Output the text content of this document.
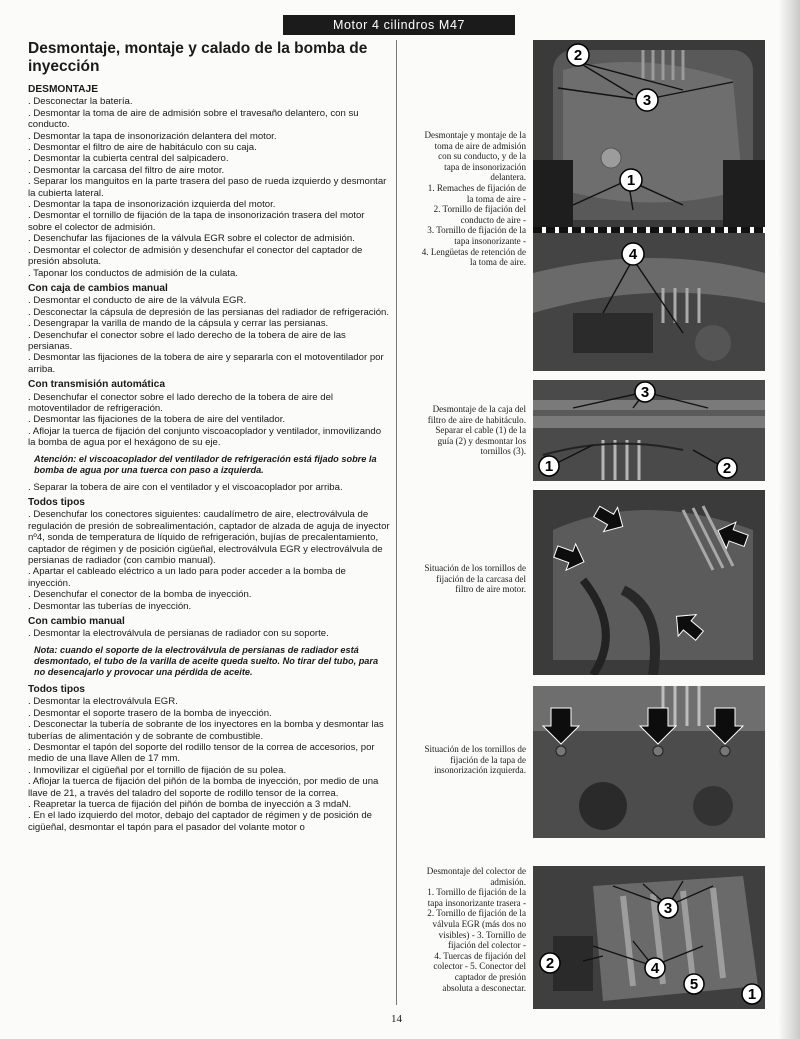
Motor 4 cilindros M47
Desmontaje, montaje y calado de la bomba de inyección
DESMONTAJE

. Desconectar la batería.

. Desmontar la toma de aire de admisión sobre el travesaño delantero, con su conducto.

. Desmontar la tapa de insonorización delantera del motor.

. Desmontar el filtro de aire de habitáculo con su caja.

. Desmontar la cubierta central del salpicadero.

. Desmontar la carcasa del filtro de aire motor.

. Separar los manguitos en la parte trasera del paso de rueda izquierdo y desmontar la cubierta lateral.

. Desmontar la tapa de insonorización izquierda del motor.

. Desmontar el tornillo de fijación de la tapa de insonorización trasera del motor sobre el colector de admisión.

. Desenchufar las fijaciones de la válvula EGR sobre el colector de admisión.

. Desmontar el colector de admisión y desenchufar el conector del captador de presión absoluta.

. Taponar los conductos de admisión de la culata.

Con caja de cambios manual

. Desmontar el conducto de aire de la válvula EGR.

. Desconectar la cápsula de depresión de las persianas del radiador de refrigeración.

. Desengrapar la varilla de mando de la cápsula y cerrar las persianas.

. Desenchufar el conector sobre el lado derecho de la tobera de aire de las persianas.

. Desmontar las fijaciones de la tobera de aire y separarla con el motoventilador por arriba.

Con transmisión automática

. Desenchufar el conector sobre el lado derecho de la tobera de aire del motoventilador de refrigeración.

. Desmontar las fijaciones de la tobera de aire del ventilador.

. Aflojar la tuerca de fijación del conjunto viscoacoplador y ventilador, inmovilizando la bomba de agua por el hexágono de su eje.

Atención: el viscoacoplador del ventilador de refrigeración está fijado sobre la bomba de agua por una tuerca con paso a izquierda.

. Separar la tobera de aire con el ventilador y el viscoacoplador por arriba.

Todos tipos

. Desenchufar los conectores siguientes: caudalímetro de aire, electroválvula de regulación de presión de sobrealimentación, captador de alzada de aguja de inyector nº4, sonda de temperatura de líquido de refrigeración, bujías de precalentamiento, captador de régimen y de posición cigüeñal, electroválvula EGR y electroválvula de persianas de radiador (con cambio manual).

. Apartar el cableado eléctrico a un lado para poder acceder a la bomba de inyección.

. Desenchufar el conector de la bomba de inyección.

. Desmontar las tuberías de inyección.

Con cambio manual

. Desmontar la electroválvula de persianas de radiador con su soporte.

Nota: cuando el soporte de la electroválvula de persianas de radiador está desmontado, el tubo de la varilla de aceite queda suelto. No tirar del tubo, para no desencajarlo y provocar una pérdida de aceite.

Todos tipos

. Desmontar la electroválvula EGR.

. Desmontar el soporte trasero de la bomba de inyección.

. Desconectar la tubería de sobrante de los inyectores en la bomba y desmontar las tuberías de alimentación y de sobrante de combustible.

. Desmontar el tapón del soporte del rodillo tensor de la correa de accesorios, por medio de una llave Allen de 17 mm.

. Inmovilizar el cigüeñal por el tornillo de fijación de su polea.

. Aflojar la tuerca de fijación del piñón de la bomba de inyección, por medio de una llave de 21, a través del taladro del soporte de rodillo tensor de la correa.

. Reapretar la tuerca de fijación del piñón de bomba de inyección a 3 mdaN.

. En el lado izquierdo del motor, debajo del captador de régimen y de posición de cigüeñal, desmontar el tapón para el pasador del volante motor o

Desmontaje y montaje de la
toma de aire de admisión
con su conducto, y de la
tapa de insonorización
delantera.
1. Remaches de fijación de
la toma de aire -
2. Tornillo de fijación del
conducto de aire -
3. Tornillo de fijación de la
tapa insonorizante -
4. Lengüetas de retención de
la toma de aire.
Desmontaje de la caja del
filtro de aire de habitáculo.
Separar el cable (1) de la
guía (2) y desmontar los
tornillos (3).
Situación de los tornillos de
fijación de la carcasa del
filtro de aire motor.
Situación de los tornillos de
fijación de la tapa de
insonorización izquierda.
Desmontaje del colector de
admisión.
1. Tornillo de fijación de la
tapa insonorizante trasera -
2. Tornillo de fijación de la
válvula EGR (más dos no
visibles) - 3. Tornillo de
fijación del colector -
4. Tuercas de fijación del
colector - 5. Conector del
captador de presión
absoluta a desconectar.
2
3
1
4
3
1	2
3
2	4
5
1
14
